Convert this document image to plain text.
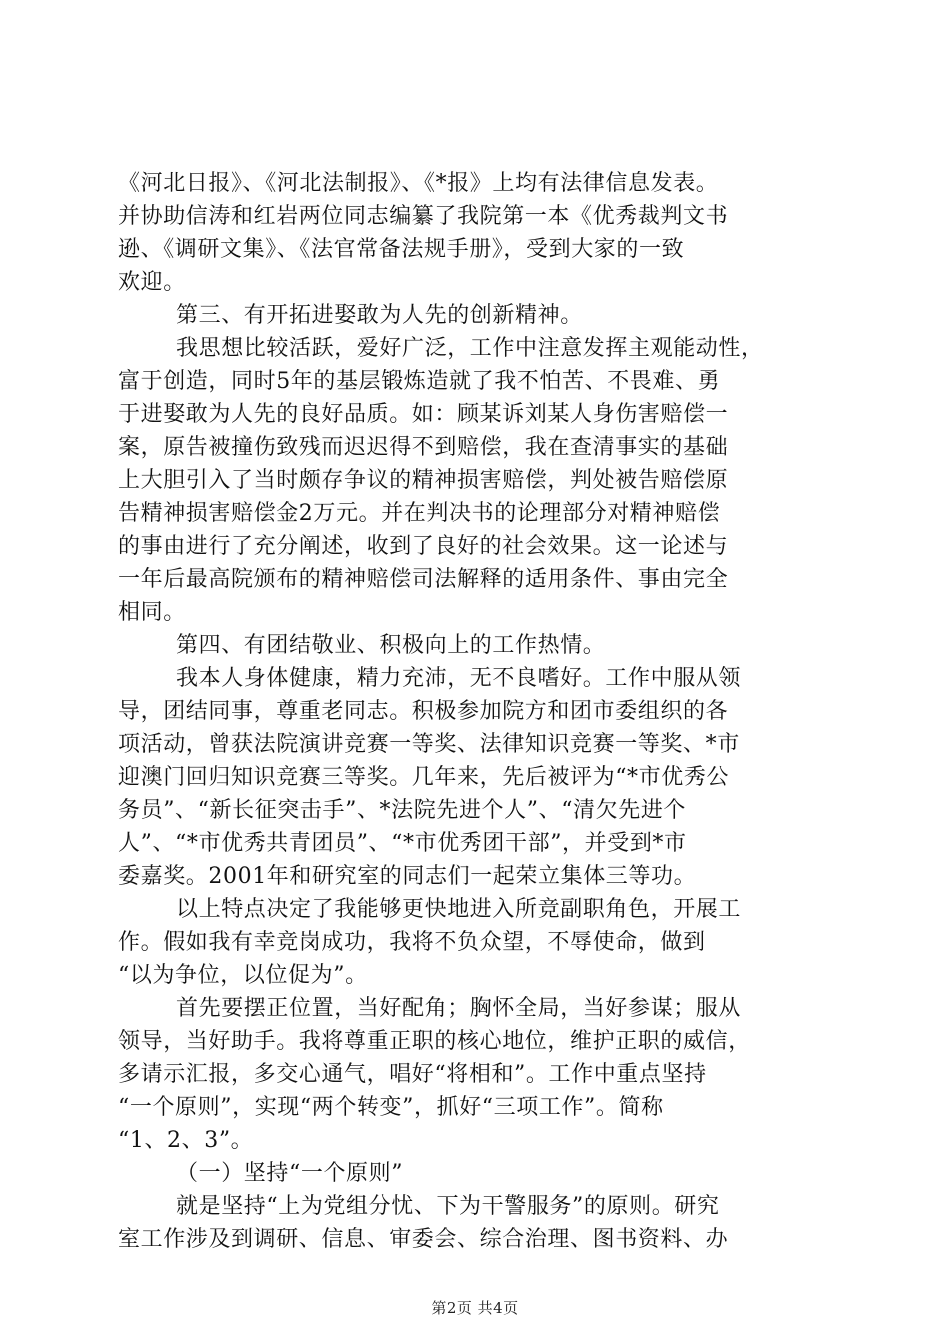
《河北日报》、《河北法制报》、《*报》上均有法律信息发表。
并协助信涛和红岩两位同志编纂了我院第一本《优秀裁判文书
逊、《调研文集》、《法官常备法规手册》，受到大家的一致
欢迎。
第三、有开拓进娶敢为人先的创新精神。
我思想比较活跃，爱好广泛，工作中注意发挥主观能动性，
富于创造，同时5年的基层锻炼造就了我不怕苦、不畏难、勇
于进娶敢为人先的良好品质。如：顾某诉刘某人身伤害赔偿一
案，原告被撞伤致残而迟迟得不到赔偿，我在查清事实的基础
上大胆引入了当时颇存争议的精神损害赔偿，判处被告赔偿原
告精神损害赔偿金2万元。并在判决书的论理部分对精神赔偿
的事由进行了充分阐述，收到了良好的社会效果。这一论述与
一年后最高院颁布的精神赔偿司法解释的适用条件、事由完全
相同。
第四、有团结敬业、积极向上的工作热情。
我本人身体健康，精力充沛，无不良嗜好。工作中服从领
导，团结同事，尊重老同志。积极参加院方和团市委组织的各
项活动，曾获法院演讲竞赛一等奖、法律知识竞赛一等奖、*市
迎澳门回归知识竞赛三等奖。几年来，先后被评为“*市优秀公
务员”、“新长征突击手”、*法院先进个人”、“清欠先进个
人”、“*市优秀共青团员”、“*市优秀团干部”，并受到*市
委嘉奖。2001年和研究室的同志们一起荣立集体三等功。
以上特点决定了我能够更快地进入所竞副职角色，开展工
作。假如我有幸竞岗成功，我将不负众望，不辱使命，做到
“以为争位，以位促为”。
首先要摆正位置，当好配角；胸怀全局，当好参谋；服从
领导，当好助手。我将尊重正职的核心地位，维护正职的威信，
多请示汇报，多交心通气，唱好“将相和”。工作中重点坚持
“一个原则”，实现“两个转变”，抓好“三项工作”。简称
“1、2、3”。
（一）坚持“一个原则”
就是坚持“上为党组分忧、下为干警服务”的原则。研究
室工作涉及到调研、信息、审委会、综合治理、图书资料、办
第2页 共4页
